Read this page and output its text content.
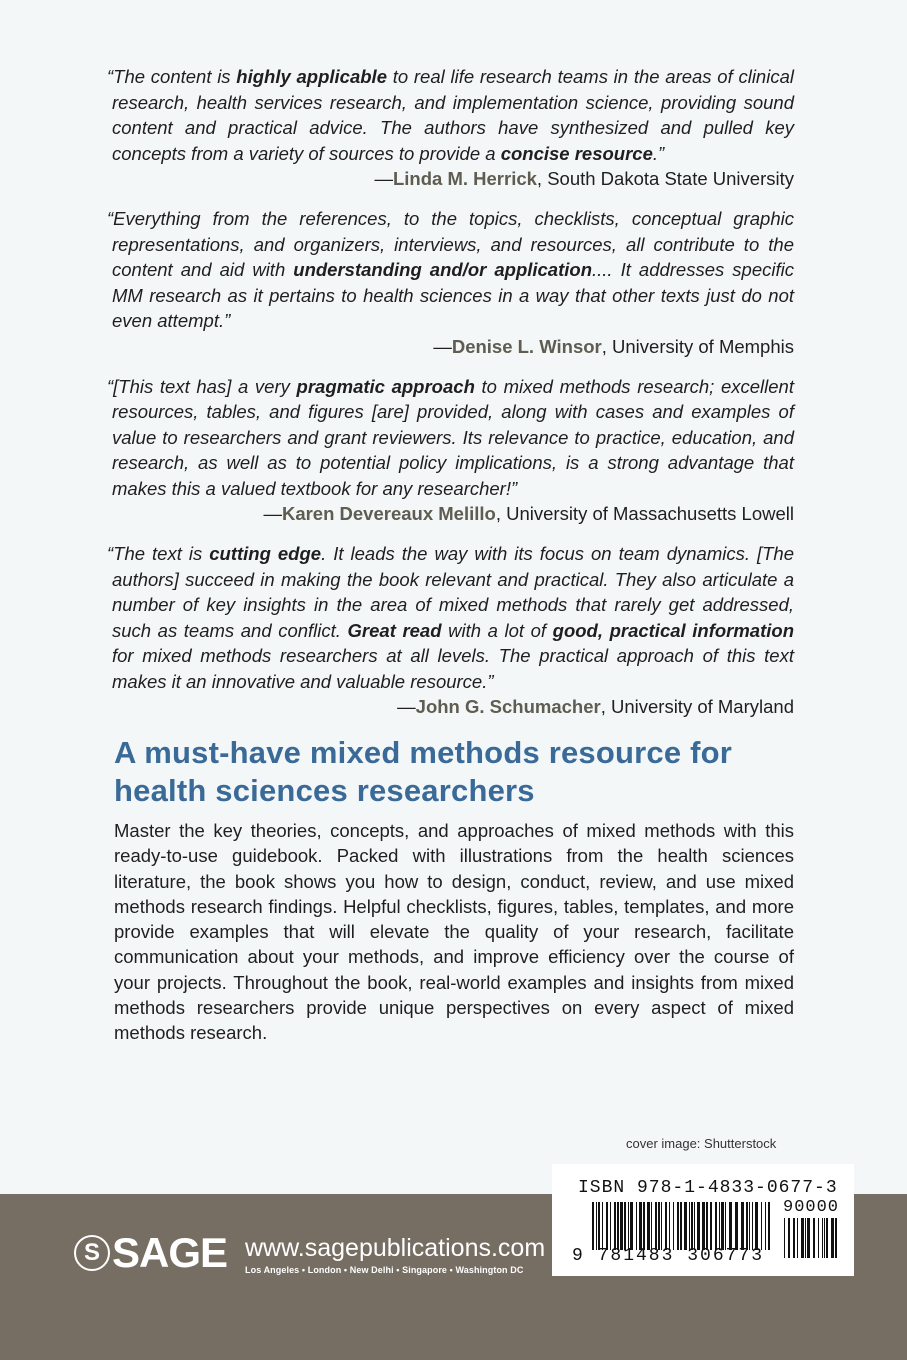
“The content is highly applicable to real life research teams in the areas of clinical research, health services research, and implementation science, providing sound content and practical advice. The authors have synthesized and pulled key concepts from a variety of sources to provide a concise resource.”

—Linda M. Herrick, South Dakota State University

“Everything from the references, to the topics, checklists, conceptual graphic representations, and organizers, interviews, and resources, all contribute to the content and aid with understanding and/or application.... It addresses specific MM research as it pertains to health sciences in a way that other texts just do not even attempt.”

—Denise L. Winsor, University of Memphis

“[This text has] a very pragmatic approach to mixed methods research; excellent resources, tables, and figures [are] provided, along with cases and examples of value to researchers and grant reviewers. Its relevance to practice, education, and research, as well as to potential policy implications, is a strong advantage that makes this a valued textbook for any researcher!”

—Karen Devereaux Melillo, University of Massachusetts Lowell

“The text is cutting edge. It leads the way with its focus on team dynamics. [The authors] succeed in making the book relevant and practical. They also articulate a number of key insights in the area of mixed methods that rarely get addressed, such as teams and conflict. Great read with a lot of good, practical information for mixed methods researchers at all levels. The practical approach of this text makes it an innovative and valuable resource.”

—John G. Schumacher, University of Maryland

A must-have mixed methods resource for health sciences researchers

Master the key theories, concepts, and approaches of mixed methods with this ready-to-use guidebook. Packed with illustrations from the health sciences literature, the book shows you how to design, conduct, review, and use mixed methods research findings. Helpful checklists, figures, tables, templates, and more provide examples that will elevate the quality of your research, facilitate communication about your methods, and improve efficiency over the course of your projects. Throughout the book, real-world examples and insights from mixed methods researchers provide unique perspectives on every aspect of mixed methods research.

cover image: Shutterstock
S SAGE www.sagepublications.com
Los Angeles • London • New Delhi • Singapore • Washington DC
ISBN 978-1-4833-0677-3
9 781483 306773
90000
